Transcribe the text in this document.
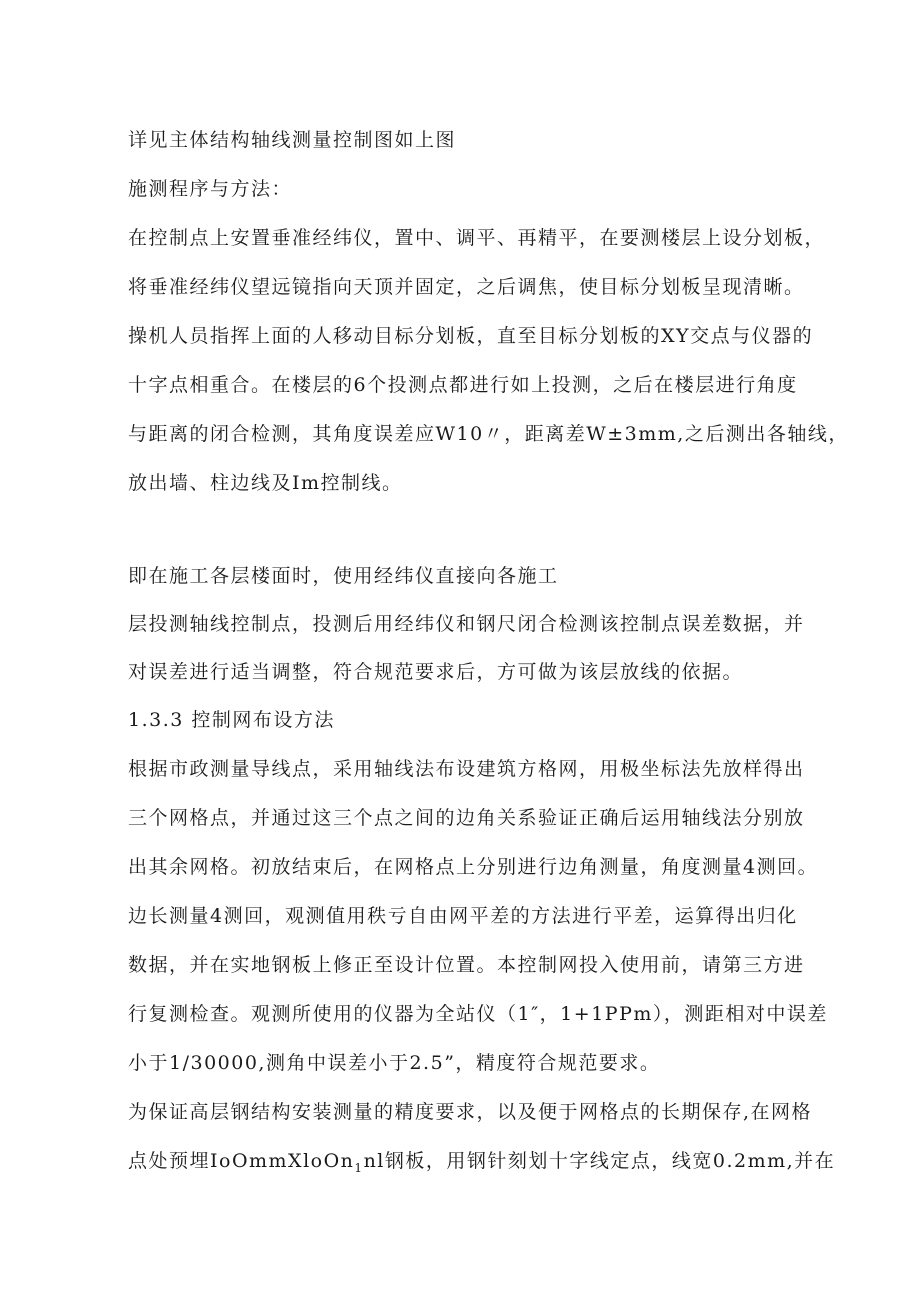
详见主体结构轴线测量控制图如上图
施测程序与方法：
在控制点上安置垂准经纬仪，置中、调平、再精平，在要测楼层上设分划板，
将垂准经纬仪望远镜指向天顶并固定，之后调焦，使目标分划板呈现清晰。
操机人员指挥上面的人移动目标分划板，直至目标分划板的XY交点与仪器的
十字点相重合。在楼层的6个投测点都进行如上投测，之后在楼层进行角度
与距离的闭合检测，其角度误差应W10〃，距离差W±3mm,之后测出各轴线，
放出墙、柱边线及Im控制线。
即在施工各层楼面时，使用经纬仪直接向各施工
层投测轴线控制点，投测后用经纬仪和钢尺闭合检测该控制点误差数据，并
对误差进行适当调整，符合规范要求后，方可做为该层放线的依据。
1.3.3 控制网布设方法
根据市政测量导线点，采用轴线法布设建筑方格网，用极坐标法先放样得出
三个网格点，并通过这三个点之间的边角关系验证正确后运用轴线法分别放
出其余网格。初放结束后，在网格点上分别进行边角测量，角度测量4测回。
边长测量4测回，观测值用秩亏自由网平差的方法进行平差，运算得出归化
数据，并在实地钢板上修正至设计位置。本控制网投入使用前，请第三方进
行复测检查。观测所使用的仪器为全站仪（1″，1+1PPm），测距相对中误差
小于1/30000,测角中误差小于2.5”，精度符合规范要求。
为保证高层钢结构安装测量的精度要求，以及便于网格点的长期保存,在网格
点处预埋IoOmmXloOn$_1$nl钢板，用钢针刻划十字线定点，线宽0.2mm,并在
